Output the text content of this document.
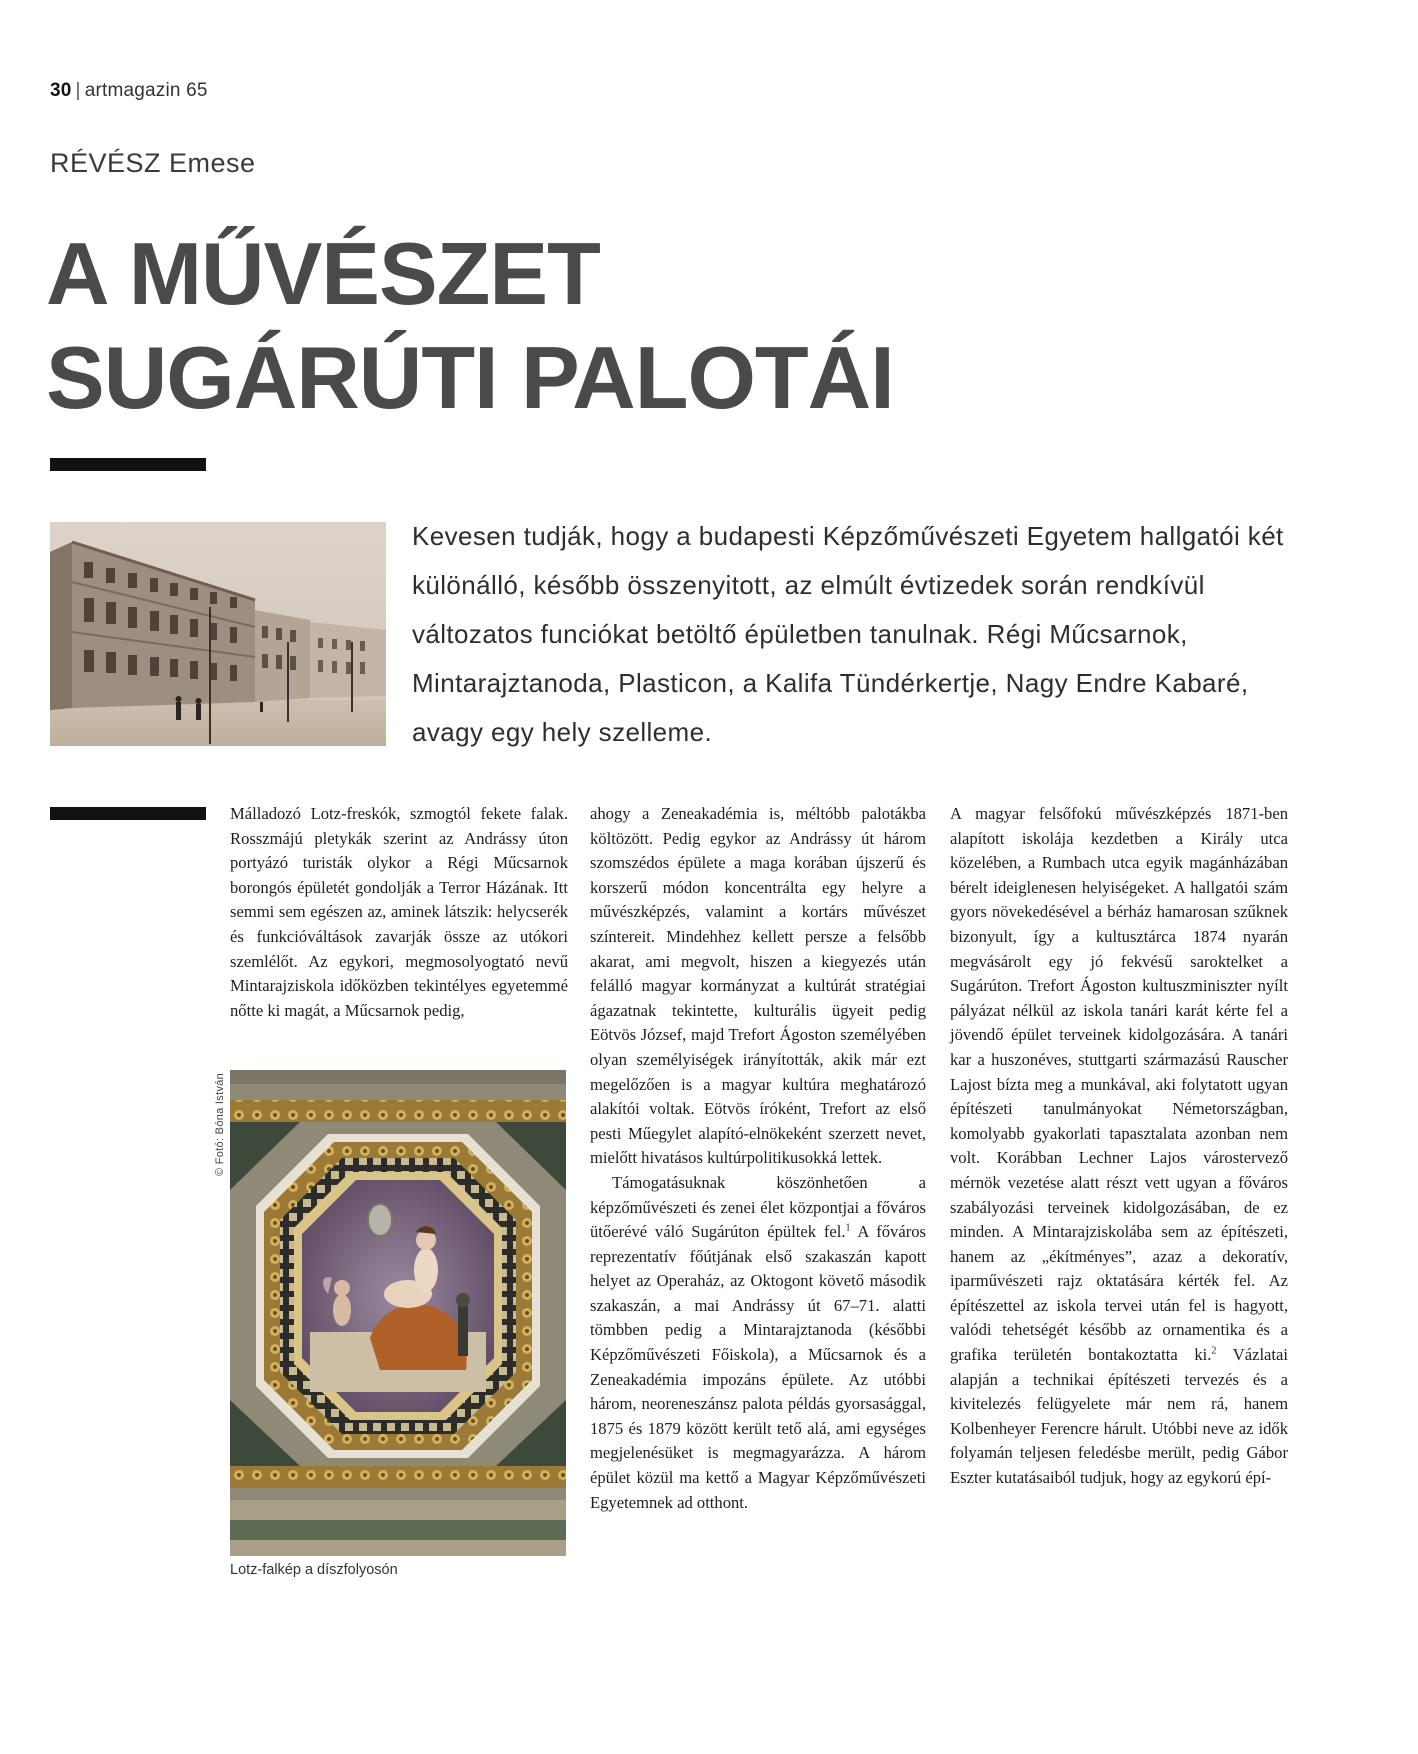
30 | artmagazin 65
RÉVÉSZ Emese
A MŰVÉSZET
SUGÁRÚTI PALOTÁI
Kevesen tudják, hogy a budapesti Képzőművészeti Egyetem hallgatói két különálló, később összenyitott, az elmúlt évtizedek során rendkívül változatos funciókat betöltő épületben tanulnak. Régi Műcsarnok, Mintarajztanoda, Plasticon, a Kalifa Tündérkertje, Nagy Endre Kabaré, avagy egy hely szelleme.

Málladozó Lotz-freskók, szmogtól fekete falak. Rosszmájú pletykák szerint az Andrássy úton portyázó turisták olykor a Régi Műcsarnok borongós épületét gondolják a Terror Házának. Itt semmi sem egészen az, aminek látszik: helycserék és funkcióváltások zavarják össze az utókori szemlélőt. Az egykori, megmosolyogtató nevű Mintarajziskola időközben tekintélyes egyetemmé nőtte ki magát, a Műcsarnok pedig,

© Fotó: Bóna István
Lotz-falkép a díszfolyosón

ahogy a Zeneakadémia is, méltóbb palotákba költözött. Pedig egykor az Andrássy út három szomszédos épülete a maga korában újszerű és korszerű módon koncentrálta egy helyre a művészképzés, valamint a kortárs művészet színtereit. Mindehhez kellett persze a felsőbb akarat, ami megvolt, hiszen a kiegyezés után felálló magyar kormányzat a kultúrát stratégiai ágazatnak tekintette, kulturális ügyeit pedig Eötvös József, majd Trefort Ágoston személyében olyan személyiségek irányították, akik már ezt megelőzően is a magyar kultúra meghatározó alakítói voltak. Eötvös íróként, Trefort az első pesti Műegylet alapító-elnökeként szerzett nevet, mielőtt hivatásos kultúrpolitikusokká lettek.

Támogatásuknak köszönhetően a képzőművészeti és zenei élet központjai a főváros ütőerévé váló Sugárúton épültek fel.$^1$ A főváros reprezentatív főútjának első szakaszán kapott helyet az Operaház, az Oktogont követő második szakaszán, a mai Andrássy út 67–71. alatti tömbben pedig a Mintarajztanoda (későbbi Képzőművészeti Főiskola), a Műcsarnok és a Zeneakadémia impozáns épülete. Az utóbbi három, neoreneszánsz palota példás gyorsasággal, 1875 és 1879 között került tető alá, ami egységes megjelenésüket is megmagyarázza. A három épület közül ma kettő a Magyar Képzőművészeti Egyetemnek ad otthont.

A magyar felsőfokú művészképzés 1871-ben alapított iskolája kezdetben a Király utca közelében, a Rumbach utca egyik magánházában bérelt ideiglenesen helyiségeket. A hallgatói szám gyors növekedésével a bérház hamarosan szűknek bizonyult, így a kultusztárca 1874 nyarán megvásárolt egy jó fekvésű saroktelket a Sugárúton. Trefort Ágoston kultuszminiszter nyílt pályázat nélkül az iskola tanári karát kérte fel a jövendő épület terveinek kidolgozására. A tanári kar a huszonéves, stuttgarti származású Rauscher Lajost bízta meg a munkával, aki folytatott ugyan építészeti tanulmányokat Németországban, komolyabb gyakorlati tapasztalata azonban nem volt. Korábban Lechner Lajos várostervező mérnök vezetése alatt részt vett ugyan a főváros szabályozási terveinek kidolgozásában, de ez minden. A Mintarajziskolába sem az építészeti, hanem az „ékítményes”, azaz a dekoratív, iparművészeti rajz oktatására kérték fel. Az építészettel az iskola tervei után fel is hagyott, valódi tehetségét később az ornamentika és a grafika területén bontakoztatta ki.$^2$ Vázlatai alapján a technikai építészeti tervezés és a kivitelezés felügyelete már nem rá, hanem Kolbenheyer Ferencre hárult. Utóbbi neve az idők folyamán teljesen feledésbe merült, pedig Gábor Eszter kutatásaiból tudjuk, hogy az egykorú épí-
